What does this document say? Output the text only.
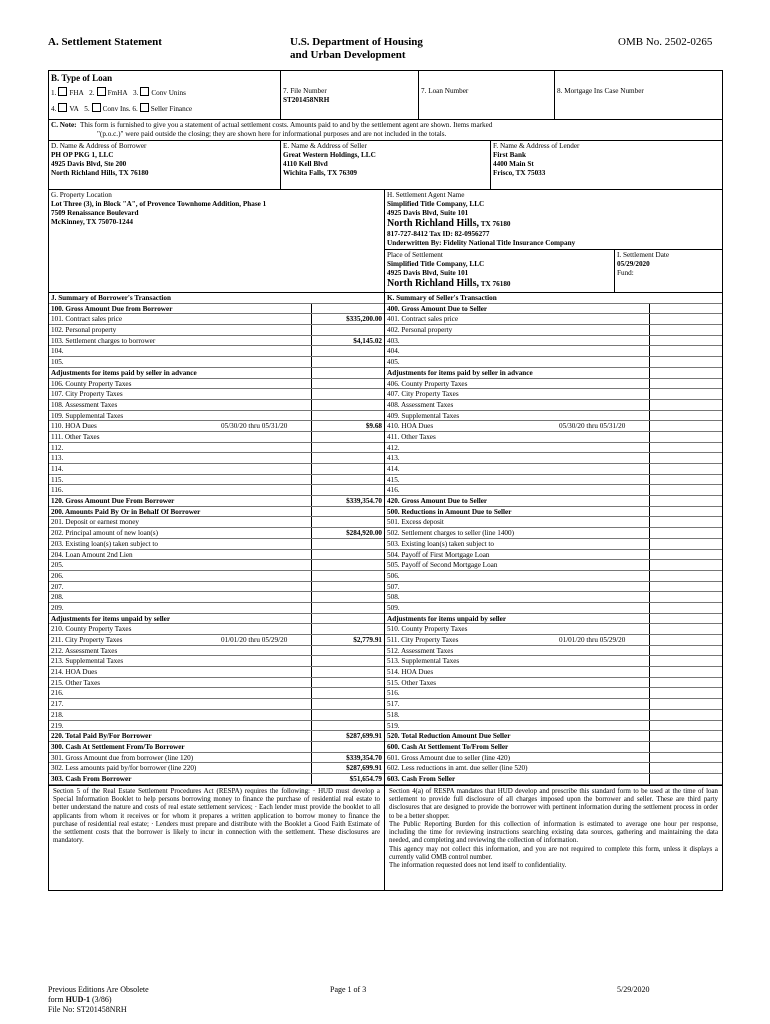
A. Settlement Statement	U.S. Department of Housing
and Urban Development
OMB No. 2502-0265
B. Type of Loan
1. FHA 2. FmHA 3. Conv Unins
4. VA 5. Conv Ins. 6. Seller Finance
7. File Number
ST201458NRH
7. Loan Number	8. Mortgage Ins Case Number
C. Note: This form is furnished to give you a statement of actual settlement costs. Amounts paid to and by the settlement agent are shown. Items marked
"(p.o.c.)" were paid outside the closing; they are shown here for informational purposes and are not included in the totals.
D. Name & Address of Borrower
PH OP PKG 1, LLC
4925 Davis Blvd, Ste 200
North Richland Hills, TX 76180
E. Name & Address of Seller
Great Western Holdings, LLC
4110 Kell Blvd
Wichita Falls, TX 76309
F. Name & Address of Lender
First Bank
4400 Main St
Frisco, TX 75033
G. Property Location
Lot Three (3), in Block "A", of Provence Townhome Addition, Phase 1
7509 Renaissance Boulevard
McKinney, TX 75070-1244
H. Settlement Agent Name
Simplified Title Company, LLC
4925 Davis Blvd, Suite 101
North Richland Hills, TX 76180
817-727-8412 Tax ID: 82-0956277
Underwritten By: Fidelity National Title Insurance Company
Place of Settlement
Simplified Title Company, LLC
4925 Davis Blvd, Suite 101
North Richland Hills, TX 76180
I. Settlement Date
05/29/2020
Fund:
J. Summary of Borrower's Transaction
100. Gross Amount Due from Borrower
101. Contract sales price	$335,200.00
102. Personal property
103. Settlement charges to borrower	$4,145.02
104.
105.
Adjustments for items paid by seller in advance
106. County Property Taxes
107. City Property Taxes
108. Assessment Taxes
109. Supplemental Taxes
110. HOA Dues	05/30/20 thru 05/31/20	$9.68
111. Other Taxes
112.
113.
114.
115.
116.
120. Gross Amount Due From Borrower	$339,354.70
200. Amounts Paid By Or in Behalf Of Borrower
201. Deposit or earnest money
202. Principal amount of new loan(s)	$284,920.00
203. Existing loan(s) taken subject to
204. Loan Amount 2nd Lien
205.
206.
207.
208.
209.
Adjustments for items unpaid by seller
210. County Property Taxes
211. City Property Taxes	01/01/20 thru 05/29/20	$2,779.91
212. Assessment Taxes
213. Supplemental Taxes
214. HOA Dues
215. Other Taxes
216.
217.
218.
219.
220. Total Paid By/For Borrower	$287,699.91
300. Cash At Settlement From/To Borrower
301. Gross Amount due from borrower (line 120)	$339,354.70
302. Less amounts paid by/for borrower (line 220)	$287,699.91
303. Cash From Borrower	$51,654.79
K. Summary of Seller's Transaction
400. Gross Amount Due to Seller
401. Contract sales price
402. Personal property
403.
404.
405.
Adjustments for items paid by seller in advance
406. County Property Taxes
407. City Property Taxes
408. Assessment Taxes
409. Supplemental Taxes
410. HOA Dues	05/30/20 thru 05/31/20
411. Other Taxes
412.
413.
414.
415.
416.
420. Gross Amount Due to Seller
500. Reductions in Amount Due to Seller
501. Excess deposit
502. Settlement charges to seller (line 1400)
503. Existing loan(s) taken subject to
504. Payoff of First Mortgage Loan
505. Payoff of Second Mortgage Loan
506.
507.
508.
509.
Adjustments for items unpaid by seller
510. County Property Taxes
511. City Property Taxes	01/01/20 thru 05/29/20
512. Assessment Taxes
513. Supplemental Taxes
514. HOA Dues
515. Other Taxes
516.
517.
518.
519.
520. Total Reduction Amount Due Seller
600. Cash At Settlement To/From Seller
601. Gross Amount due to seller (line 420)
602. Less reductions in amt. due seller (line 520)
603. Cash From Seller
Section 5 of the Real Estate Settlement Procedures Act (RESPA) requires the following: · HUD must develop a Special Information Booklet to help persons borrowing money to finance the purchase of residential real estate to better understand the nature and costs of real estate settlement services; · Each lender must provide the booklet to all applicants from whom it receives or for whom it prepares a written application to borrow money to finance the purchase of residential real estate; · Lenders must prepare and distribute with the Booklet a Good Faith Estimate of the settlement costs that the borrower is likely to incur in connection with the settlement. These disclosures are mandatory.
Section 4(a) of RESPA mandates that HUD develop and prescribe this standard form to be used at the time of loan settlement to provide full disclosure of all charges imposed upon the borrower and seller. These are third party disclosures that are designed to provide the borrower with pertinent information during the settlement process in order to be a better shopper.
The Public Reporting Burden for this collection of information is estimated to average one hour per response, including the time for reviewing instructions searching existing data sources, gathering and maintaining the data needed, and completing and reviewing the collection of information.
This agency may not collect this information, and you are not required to complete this form, unless it displays a currently valid OMB control number.
The information requested does not lend itself to confidentiality.
Previous Editions Are Obsolete
form HUD-1 (3/86)
File No: ST201458NRH
Page 1 of 3	5/29/2020
